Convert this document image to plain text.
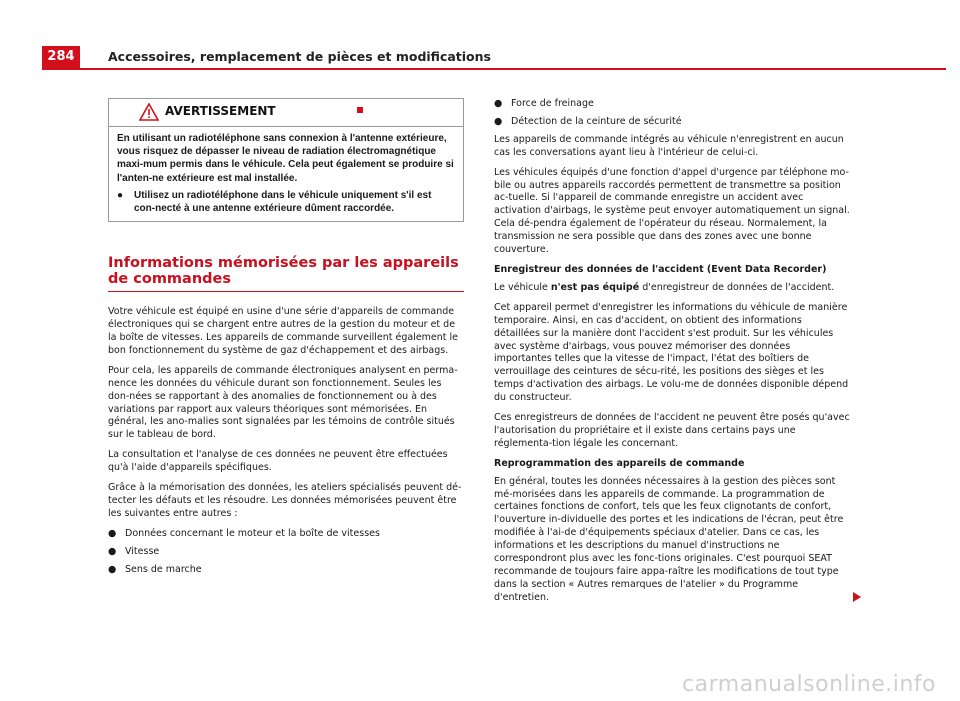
284	Accessoires, remplacement de pièces et modifications
AVERTISSEMENT

En utilisant un radiotéléphone sans connexion à l'antenne extérieure, vous risquez de dépasser le niveau de radiation électromagnétique maxi-mum permis dans le véhicule. Cela peut également se produire si l'anten-ne extérieure est mal installée.

● Utilisez un radiotéléphone dans le véhicule uniquement s'il est con-necté à une antenne extérieure dûment raccordée.
Informations mémorisées par les appareils de commandes

Votre véhicule est équipé en usine d'une série d'appareils de commande électroniques qui se chargent entre autres de la gestion du moteur et de la boîte de vitesses. Les appareils de commande surveillent également le bon fonctionnement du système de gaz d'échappement et des airbags.

Pour cela, les appareils de commande électroniques analysent en perma-nence les données du véhicule durant son fonctionnement. Seules les don-nées se rapportant à des anomalies de fonctionnement ou à des variations par rapport aux valeurs théoriques sont mémorisées. En général, les ano-malies sont signalées par les témoins de contrôle situés sur le tableau de bord.

La consultation et l'analyse de ces données ne peuvent être effectuées qu'à l'aide d'appareils spécifiques.

Grâce à la mémorisation des données, les ateliers spécialisés peuvent dé-tecter les défauts et les résoudre. Les données mémorisées peuvent être les suivantes entre autres :

● Données concernant le moteur et la boîte de vitesses
● Vitesse
● Sens de marche
● Force de freinage
● Détection de la ceinture de sécurité

Les appareils de commande intégrés au véhicule n'enregistrent en aucun cas les conversations ayant lieu à l'intérieur de celui-ci.

Les véhicules équipés d'une fonction d'appel d'urgence par téléphone mo-bile ou autres appareils raccordés permettent de transmettre sa position ac-tuelle. Si l'appareil de commande enregistre un accident avec activation d'airbags, le système peut envoyer automatiquement un signal. Cela dé-pendra également de l'opérateur du réseau. Normalement, la transmission ne sera possible que dans des zones avec une bonne couverture.

Enregistreur des données de l'accident (Event Data Recorder)

Le véhicule n'est pas équipé d'enregistreur de données de l'accident.

Cet appareil permet d'enregistrer les informations du véhicule de manière temporaire. Ainsi, en cas d'accident, on obtient des informations détaillées sur la manière dont l'accident s'est produit. Sur les véhicules avec système d'airbags, vous pouvez mémoriser des données importantes telles que la vitesse de l'impact, l'état des boîtiers de verrouillage des ceintures de sécu-rité, les positions des sièges et les temps d'activation des airbags. Le volu-me de données disponible dépend du constructeur.

Ces enregistreurs de données de l'accident ne peuvent être posés qu'avec l'autorisation du propriétaire et il existe dans certains pays une réglementa-tion légale les concernant.

Reprogrammation des appareils de commande

En général, toutes les données nécessaires à la gestion des pièces sont mé-morisées dans les appareils de commande. La programmation de certaines fonctions de confort, tels que les feux clignotants de confort, l'ouverture in-dividuelle des portes et les indications de l'écran, peut être modifiée à l'ai-de d'équipements spéciaux d'atelier. Dans ce cas, les informations et les descriptions du manuel d'instructions ne correspondront plus avec les fonc-tions originales. C'est pourquoi SEAT recommande de toujours faire appa-raître les modifications de tout type dans la section « Autres remarques de l'atelier » du Programme d'entretien.

carmanualsonline.info
